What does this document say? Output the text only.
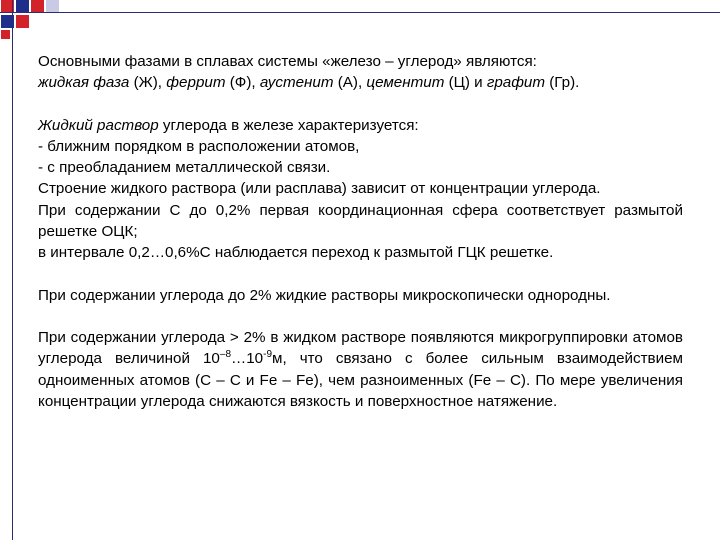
Основными фазами в сплавах системы «железо – углерод» являются:
жидкая фаза (Ж), феррит (Ф), аустенит (А), цементит (Ц) и графит (Гр).

Жидкий раствор углерода в железе характеризуется:
- ближним порядком в расположении атомов,
- с преобладанием металлической связи.
Строение жидкого раствора (или расплава) зависит от концентрации углерода.
При содержании С до 0,2% первая координационная сфера соответствует размытой решетке ОЦК;
в интервале 0,2…0,6%С наблюдается переход к размытой ГЦК решетке.

При содержании углерода до 2% жидкие растворы микроскопически однородны.

При содержании углерода > 2% в жидком растворе появляются микрогруппировки атомов углерода величиной $10^{-8}\dots 10^{-9}м$, что связано с более сильным взаимодействием одноименных атомов (C – C и Fe – Fe), чем разноименных (Fe – C). По мере увеличения концентрации углерода снижаются вязкость и поверхностное натяжение.
